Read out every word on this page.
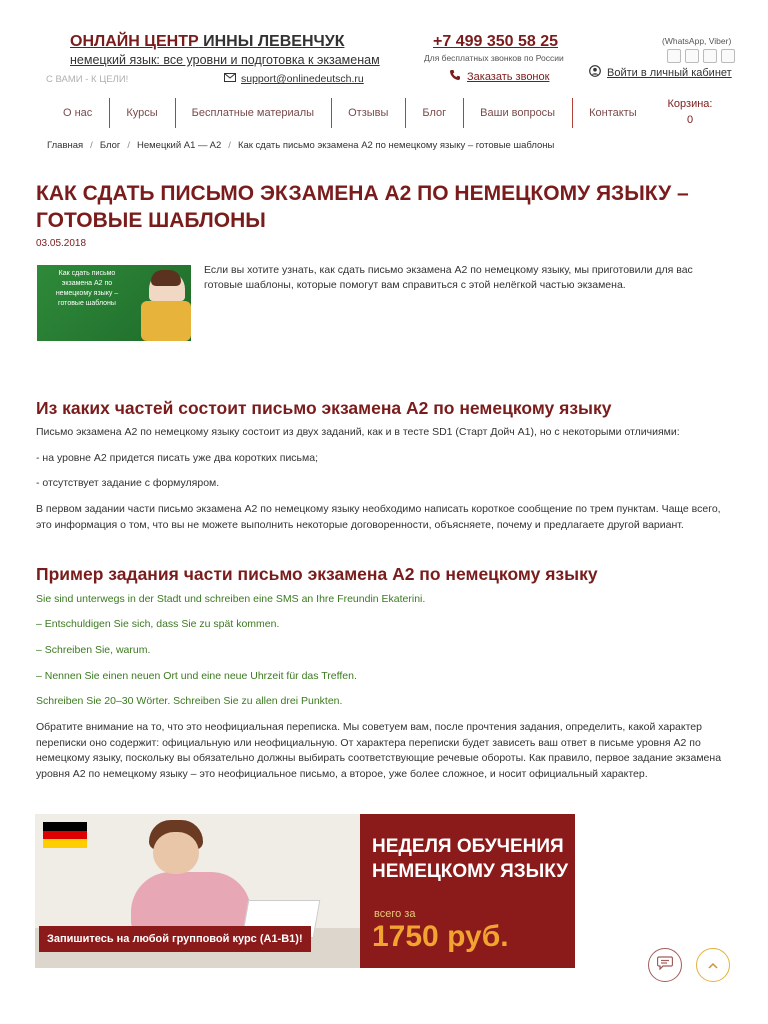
ОНЛАЙН ЦЕНТР ИННЫ ЛЕВЕНЧУК
немецкий язык: все уровни и подготовка к экзаменам
С ВАМИ - К ЦЕЛИ!	support@onlinedeutsch.ru
+7 499 350 58 25
Для бесплатных звонков по России
Заказать звонок
(WhatsApp, Viber)
Войти в личный кабинет
О нас	Курсы	Бесплатные материалы	Отзывы	Блог	Ваши вопросы	Контакты
Корзина:
0
Главная / Блог / Немецкий A1 — A2 / Как сдать письмо экзамена А2 по немецкому языку – готовые шаблоны
КАК СДАТЬ ПИСЬМО ЭКЗАМЕНА А2 ПО НЕМЕЦКОМУ ЯЗЫКУ – ГОТОВЫЕ ШАБЛОНЫ
03.05.2018
Как сдать письмо экзамена А2 по немецкому языку – готовые шаблоны
Если вы хотите узнать, как сдать письмо экзамена А2 по немецкому языку, мы приготовили для вас готовые шаблоны, которые помогут вам справиться с этой нелёгкой частью экзамена.
Из каких частей состоит письмо экзамена А2 по немецкому языку
Письмо экзамена А2 по немецкому языку состоит из двух заданий, как и в тесте SD1 (Старт Дойч А1), но с некоторыми отличиями:
- на уровне А2 придется писать уже два коротких письма;
- отсутствует задание с формуляром.
В первом задании части письмо экзамена А2 по немецкому языку необходимо написать короткое сообщение по трем пунктам. Чаще всего, это информация о том, что вы не можете выполнить некоторые договоренности, объясняете, почему и предлагаете другой вариант.
Пример задания части письмо экзамена А2 по немецкому языку
Sie sind unterwegs in der Stadt und schreiben eine SMS an Ihre Freundin Ekaterini.
– Entschuldigen Sie sich, dass Sie zu spät kommen.
– Schreiben Sie, warum.
– Nennen Sie einen neuen Ort und eine neue Uhrzeit für das Treffen.
Schreiben Sie 20–30 Wörter. Schreiben Sie zu allen drei Punkten.
Обратите внимание на то, что это неофициальная переписка. Мы советуем вам, после прочтения задания, определить, какой характер переписки оно содержит: официальную или неофициальную. От характера переписки будет зависеть ваш ответ в письме уровня А2 по немецкому языку, поскольку вы обязательно должны выбирать соответствующие речевые обороты. Как правило, первое задание экзамена уровня А2 по немецкому языку – это неофициальное письмо, а второе, уже более сложное, и носит официальный характер.
Запишитесь на любой групповой курс (А1-В1)!
НЕДЕЛЯ ОБУЧЕНИЯ
НЕМЕЦКОМУ ЯЗЫКУ
всего за
1750 руб.
